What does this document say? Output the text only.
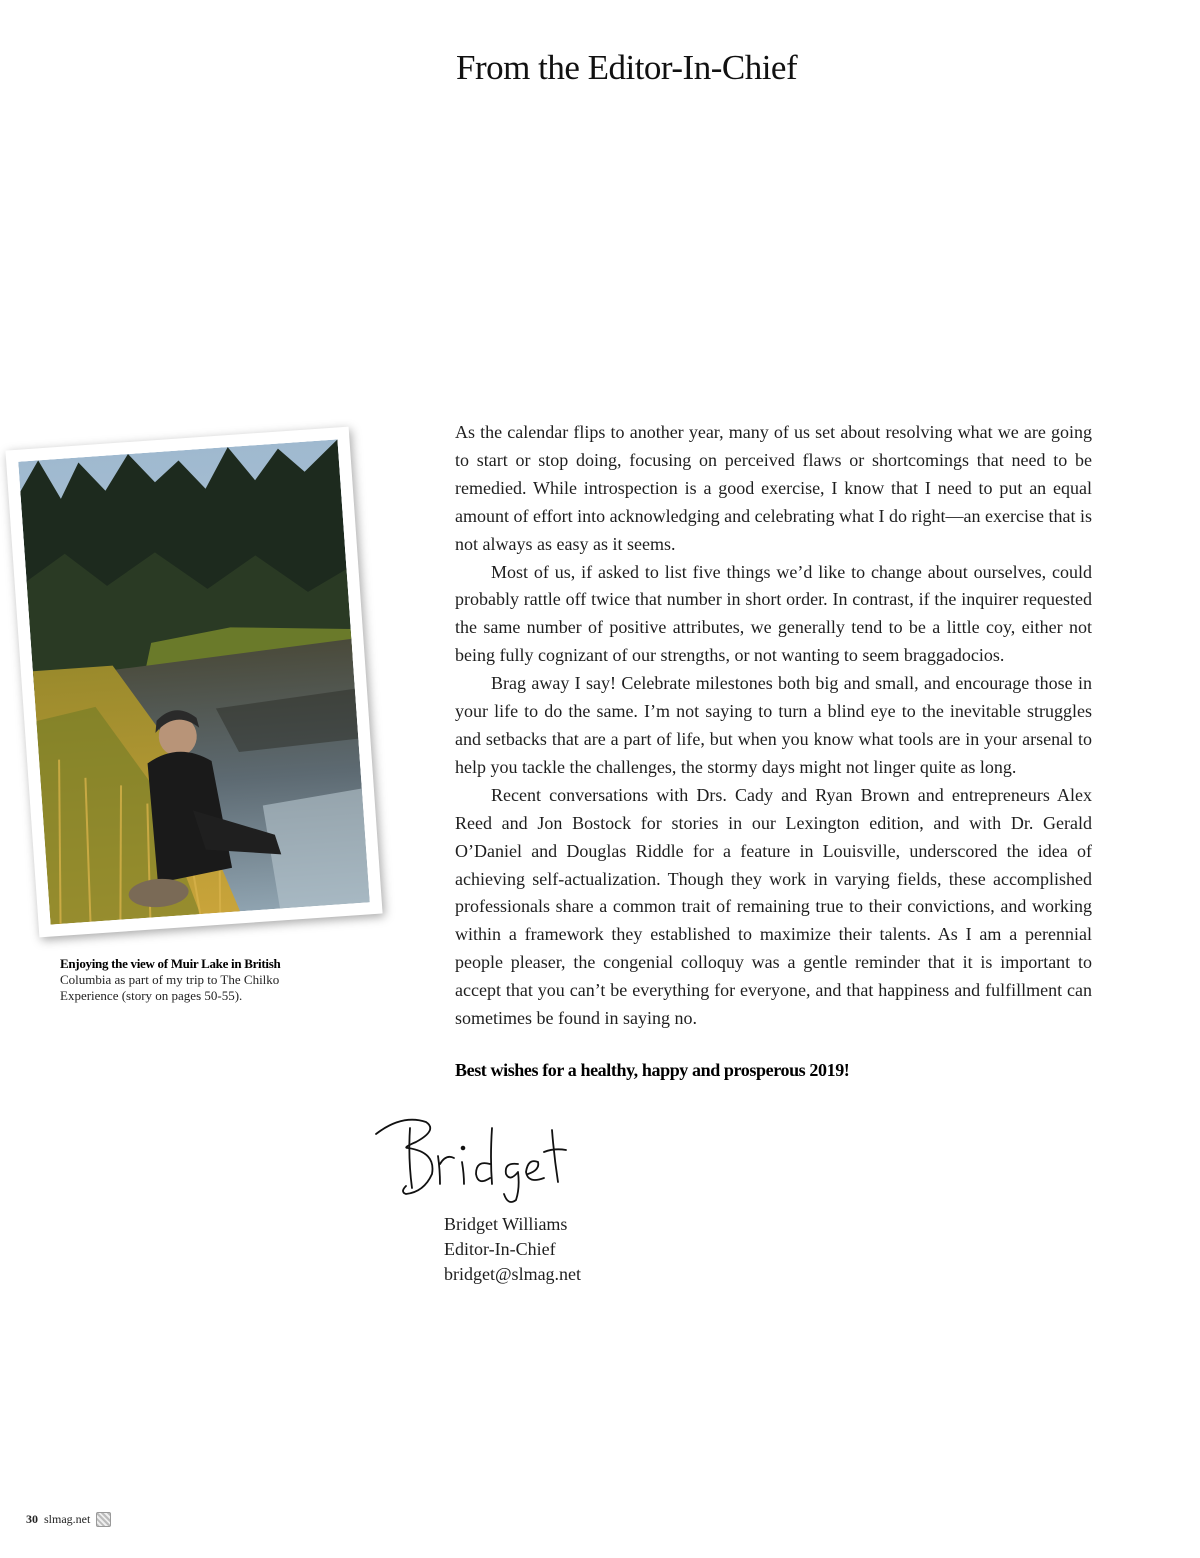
From the Editor-In-Chief
Enjoying the view of Muir Lake in British
Columbia as part of my trip to The Chilko Experience (story on pages 50-55).

As the calendar flips to another year, many of us set about resolving what we are going to start or stop doing, focusing on perceived flaws or shortcomings that need to be remedied. While introspection is a good exercise, I know that I need to put an equal amount of effort into acknowledging and celebrating what I do right—an exercise that is not always as easy as it seems.

Most of us, if asked to list five things we’d like to change about ourselves, could probably rattle off twice that number in short order. In contrast, if the inquirer requested the same number of positive attributes, we generally tend to be a little coy, either not being fully cognizant of our strengths, or not wanting to seem braggadocios.

Brag away I say! Celebrate milestones both big and small, and encourage those in your life to do the same. I’m not saying to turn a blind eye to the inevitable struggles and setbacks that are a part of life, but when you know what tools are in your arsenal to help you tackle the challenges, the stormy days might not linger quite as long.

Recent conversations with Drs. Cady and Ryan Brown and entrepreneurs Alex Reed and Jon Bostock for stories in our Lexington edition, and with Dr. Gerald O’Daniel and Douglas Riddle for a feature in Louisville, underscored the idea of achieving self-actualization. Though they work in varying fields, these accomplished professionals share a common trait of remaining true to their convictions, and working within a framework they established to maximize their talents. As I am a perennial people pleaser, the congenial colloquy was a gentle reminder that it is important to accept that you can’t be everything for everyone, and that happiness and fulfillment can sometimes be found in saying no.

Best wishes for a healthy, happy and prosperous 2019!
Bridget Williams
Editor-In-Chief
bridget@slmag.net
30 slmag.net
